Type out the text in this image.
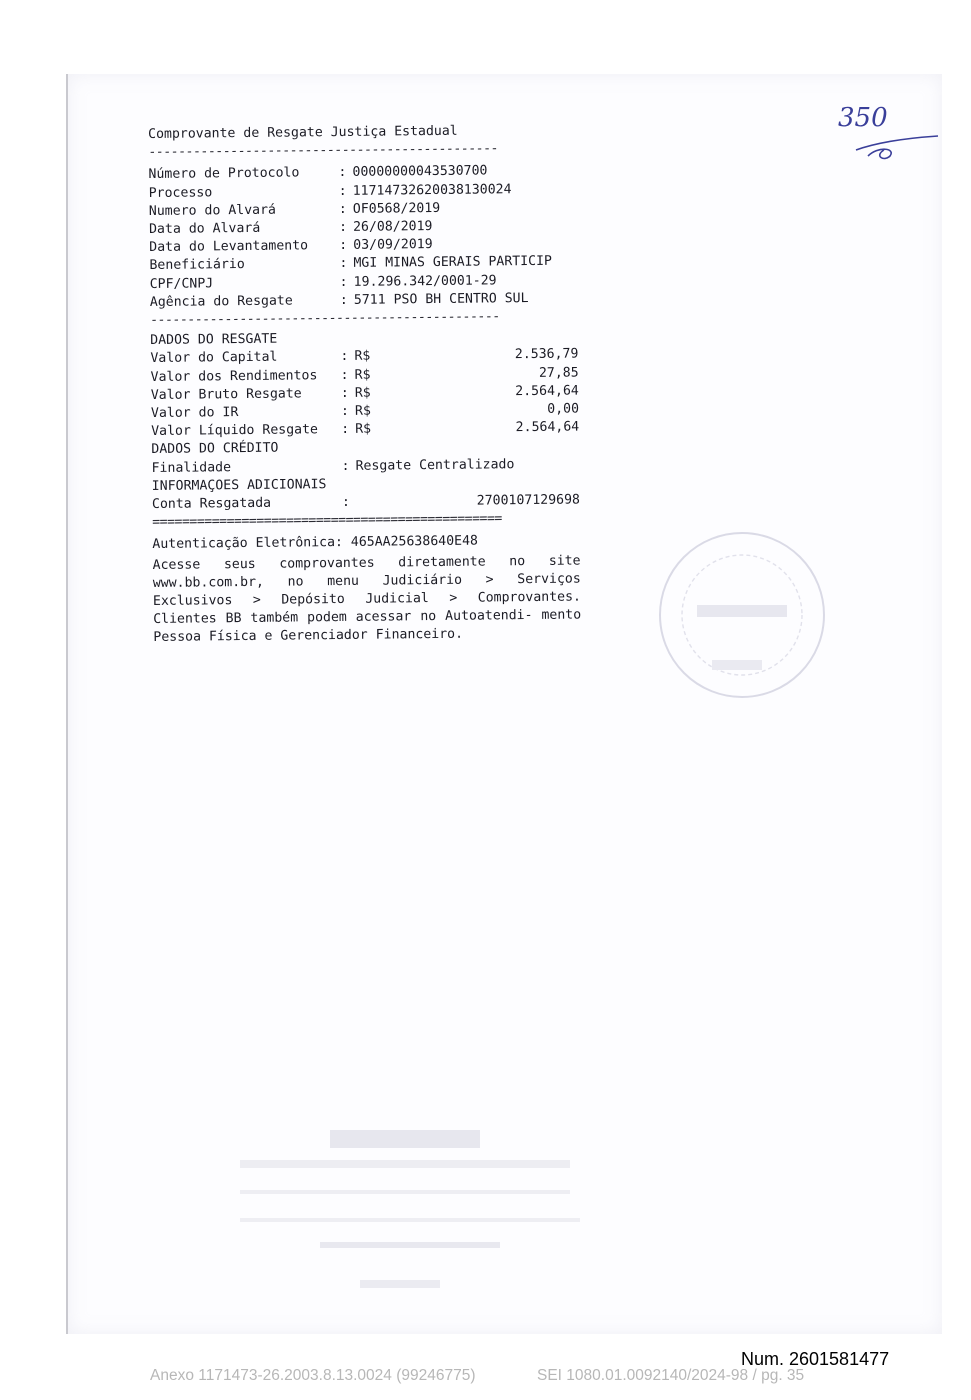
Comprovante de Resgate Justiça Estadual
-----------------------------------------------
Número de Protocolo	: 00000000043530700
Processo	: 11714732620038130024
Numero do Alvará	: OF0568/2019
Data do Alvará	: 26/08/2019
Data do Levantamento	: 03/09/2019
Beneficiário	: MGI MINAS GERAIS PARTICIP
CPF/CNPJ	: 19.296.342/0001-29
Agência do Resgate	: 5711 PSO BH CENTRO SUL
-----------------------------------------------
DADOS DO RESGATE
Valor do Capital	: R$	2.536,79
Valor dos Rendimentos	: R$	27,85
Valor Bruto Resgate	: R$	2.564,64
Valor do IR	: R$	0,00
Valor Líquido Resgate	: R$	2.564,64
DADOS DO CRÉDITO
Finalidade	: Resgate Centralizado
INFORMAÇOES ADICIONAIS
Conta Resgatada	:	2700107129698
===============================================
Autenticação Eletrônica:
465AA25638640E48
Acesse seus comprovantes diretamente no site www.bb.com.br, no menu Judiciário > Serviços Exclusivos > Depósito Judicial > Comprovantes. Clientes BB também podem acessar no Autoatendi- mento Pessoa Física e Gerenciador Financeiro.
350
Num. 2601581477
Anexo 1171473-26.2003.8.13.0024 (99246775)	SEI 1080.01.0092140/2024-98 / pg. 35
